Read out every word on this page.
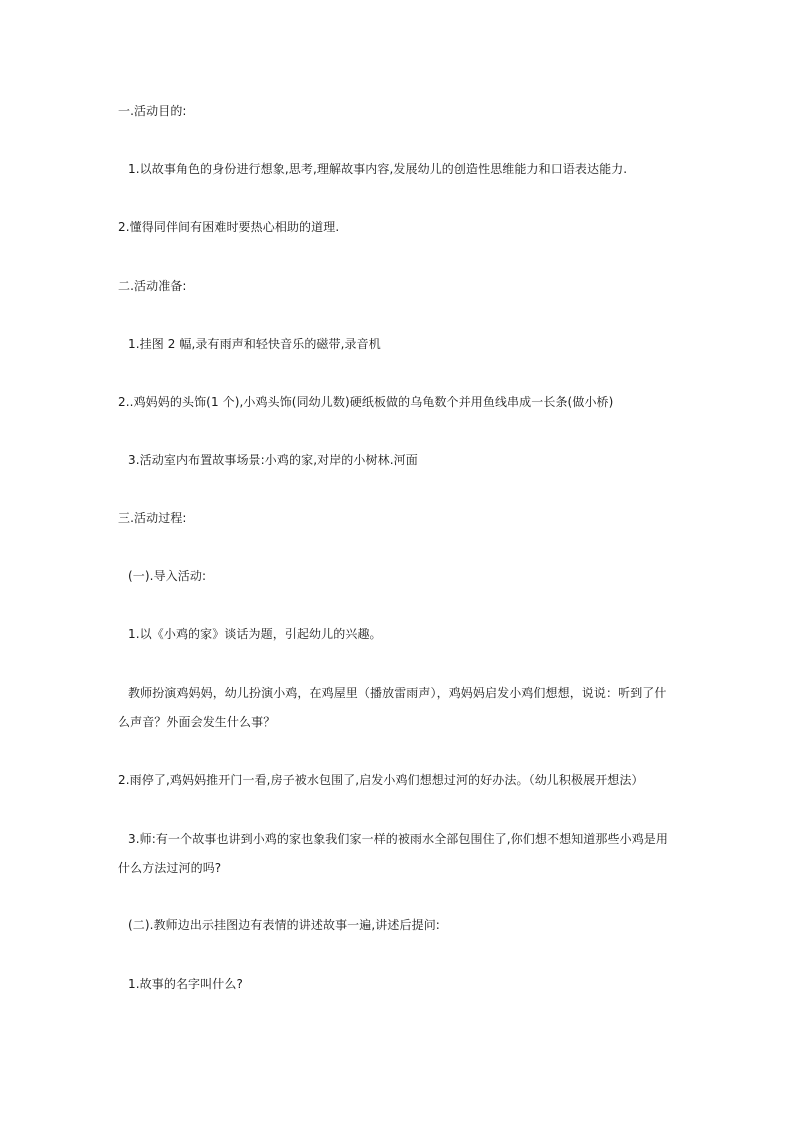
一.活动目的:
1.以故事角色的身份进行想象,思考,理解故事内容,发展幼儿的创造性思维能力和口语表达能力.
2.懂得同伴间有困难时要热心相助的道理.
二.活动准备:
1.挂图 2 幅,录有雨声和轻快音乐的磁带,录音机
2..鸡妈妈的头饰(1 个),小鸡头饰(同幼儿数)硬纸板做的乌龟数个并用鱼线串成一长条(做小桥)
3.活动室内布置故事场景:小鸡的家,对岸的小树林.河面
三.活动过程:
(一).导入活动:
1.以《小鸡的家》谈话为题，引起幼儿的兴趣。
教师扮演鸡妈妈，幼儿扮演小鸡，在鸡屋里（播放雷雨声），鸡妈妈启发小鸡们想想，说说：听到了什
么声音？外面会发生什么事？
2.雨停了,鸡妈妈推开门一看,房子被水包围了,启发小鸡们想想过河的好办法。（幼儿积极展开想法）
3.师:有一个故事也讲到小鸡的家也象我们家一样的被雨水全部包围住了,你们想不想知道那些小鸡是用
什么方法过河的吗?
(二).教师边出示挂图边有表情的讲述故事一遍,讲述后提问:
1.故事的名字叫什么?
